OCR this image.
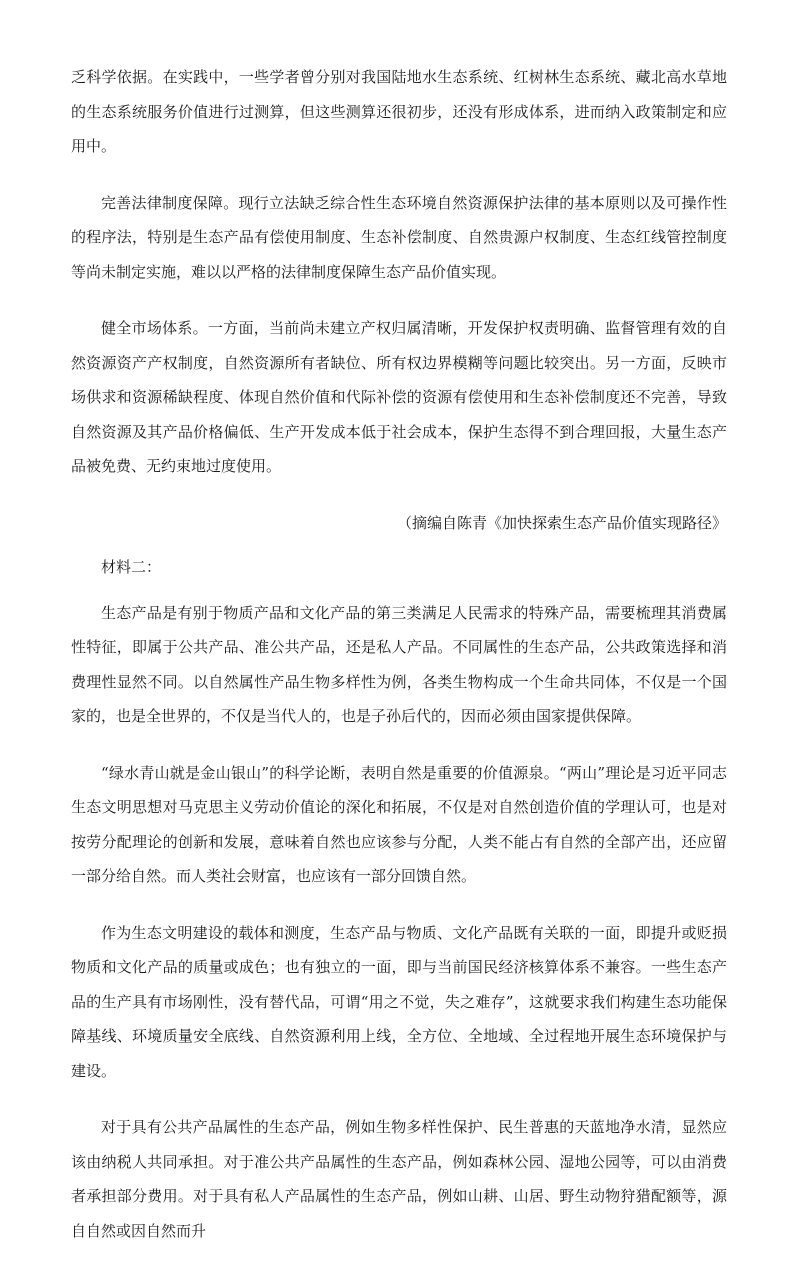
乏科学依据。在实践中，一些学者曾分别对我国陆地水生态系统、红树林生态系统、藏北高水草地的生态系统服务价值进行过测算，但这些测算还很初步，还没有形成体系，进而纳入政策制定和应用中。

完善法律制度保障。现行立法缺乏综合性生态环境自然资源保护法律的基本原则以及可操作性的程序法，特别是生态产品有偿使用制度、生态补偿制度、自然贵源户权制度、生态红线管控制度等尚未制定实施，难以以严格的法律制度保障生态产品价值实现。

健全市场体系。一方面，当前尚未建立产权归属清晰，开发保护权责明确、监督管理有效的自然资源资产产权制度，自然资源所有者缺位、所有权边界模糊等问题比较突出。另一方面，反映市场供求和资源稀缺程度、体现自然价值和代际补偿的资源有偿使用和生态补偿制度还不完善，导致自然资源及其产品价格偏低、生产开发成本低于社会成本，保护生态得不到合理回报，大量生态产品被免费、无约束地过度使用。

（摘编自陈青《加快探索生态产品价值实现路径》

材料二：

生态产品是有别于物质产品和文化产品的第三类满足人民需求的特殊产品，需要梳理其消费属性特征，即属于公共产品、准公共产品，还是私人产品。不同属性的生态产品，公共政策选择和消费理性显然不同。以自然属性产品生物多样性为例，各类生物构成一个生命共同体，不仅是一个国家的，也是全世界的，不仅是当代人的，也是子孙后代的，因而必须由国家提供保障。

“绿水青山就是金山银山”的科学论断，表明自然是重要的价值源泉。“两山”理论是习近平同志生态文明思想对马克思主义劳动价值论的深化和拓展，不仅是对自然创造价值的学理认可，也是对按劳分配理论的创新和发展，意味着自然也应该参与分配，人类不能占有自然的全部产出，还应留一部分给自然。而人类社会财富，也应该有一部分回馈自然。

作为生态文明建设的载体和测度，生态产品与物质、文化产品既有关联的一面，即提升或贬损物质和文化产品的质量或成色；也有独立的一面，即与当前国民经济核算体系不兼容。一些生态产品的生产具有市场刚性，没有替代品，可谓“用之不觉，失之难存”，这就要求我们构建生态功能保障基线、环境质量安全底线、自然资源利用上线，全方位、全地域、全过程地开展生态环境保护与建设。

对于具有公共产品属性的生态产品，例如生物多样性保护、民生普惠的天蓝地净水清，显然应该由纳税人共同承担。对于准公共产品属性的生态产品，例如森林公园、湿地公园等，可以由消费者承担部分费用。对于具有私人产品属性的生态产品，例如山耕、山居、野生动物狩猎配额等，源自自然或因自然而升
